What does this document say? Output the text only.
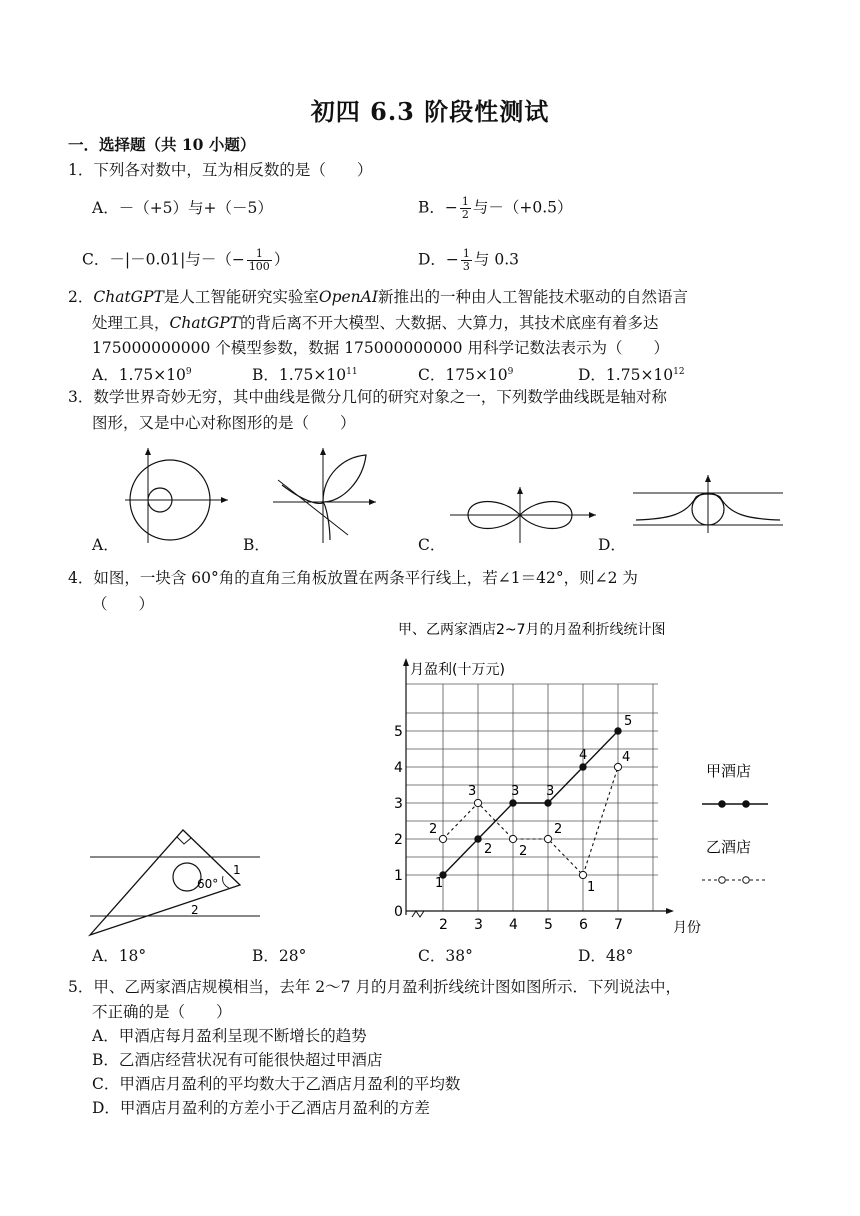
初四 6.3 阶段性测试
一．选择题（共 10 小题）
1．下列各对数中，互为相反数的是（　　）
A．－（+5）与+（－5）	B．− $\frac{1}{2}$ 与－（+0.5）
C．－|－0.01|与－（− $\frac{1}{100}$ ）	D．− $\frac{1}{3}$ 与 0.3
2．ChatGPT是人工智能研究实验室OpenAI新推出的一种由人工智能技术驱动的自然语言
处理工具，ChatGPT的背后离不开大模型、大数据、大算力，其技术底座有着多达
175000000000 个模型参数，数据 175000000000 用科学记数法表示为（　　）
A．$1.75\times 10^9$	B．$1.75\times 10^{11}$	C．$175\times 10^9$	D．$1.75\times 10^{12}$
3．数学世界奇妙无穷，其中曲线是微分几何的研究对象之一，下列数学曲线既是轴对称
图形，又是中心对称图形的是（　　）
A．	B．	C．	D．
4．如图，一块含 60°角的直角三角板放置在两条平行线上，若∠1＝42°，则∠2 为
（　　）
60°
1
2
A．18°	B．28°	C．38°	D．48°
甲、乙两家酒店2~7月的月盈利折线统计图
月盈利(十万元)
月份
0
1
2
3
4
5
2 3 4 5 6 7
1
2
3 3
4
5
2
3
2
2
1
4
甲酒店
乙酒店
5．甲、乙两家酒店规模相当，去年 2～7 月的月盈利折线统计图如图所示．下列说法中，
不正确的是（　　）
A．甲酒店每月盈利呈现不断增长的趋势
B．乙酒店经营状况有可能很快超过甲酒店
C．甲酒店月盈利的平均数大于乙酒店月盈利的平均数
D．甲酒店月盈利的方差小于乙酒店月盈利的方差
